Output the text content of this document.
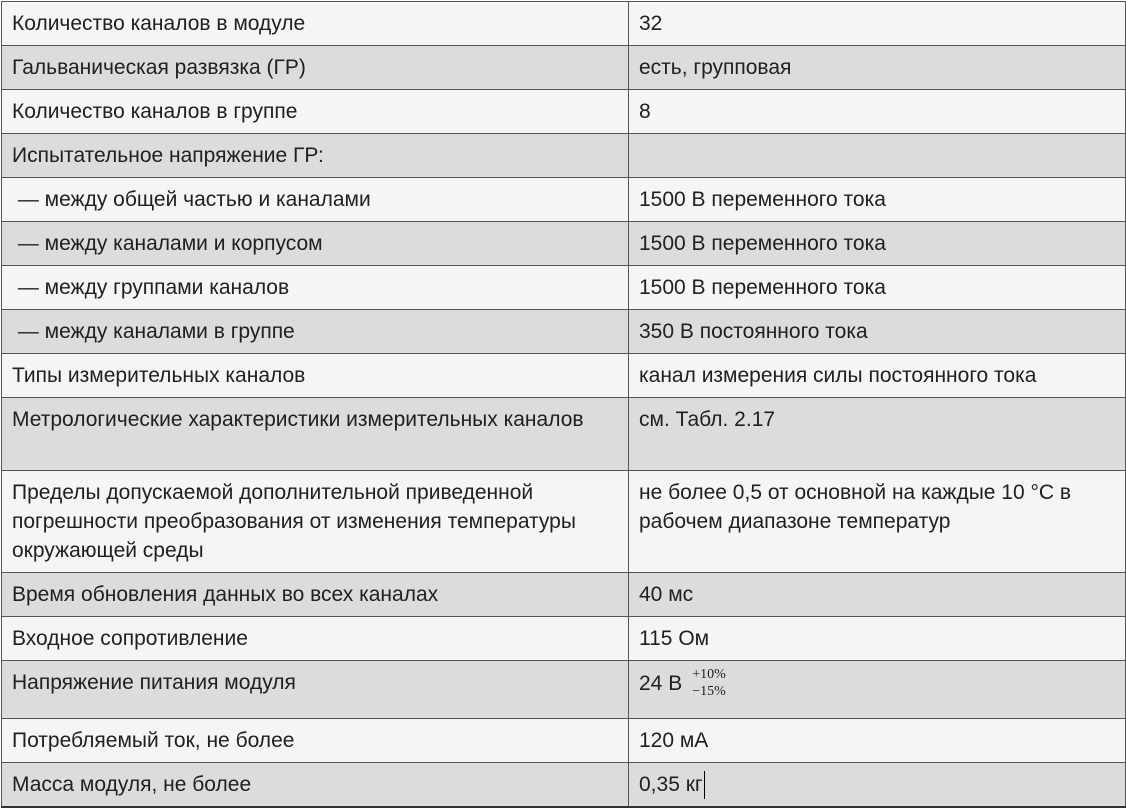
Количество каналов в модуле	32
Гальваническая развязка (ГР)	есть, групповая
Количество каналов в группе	8
Испытательное напряжение ГР:	
— между общей частью и каналами	1500 В переменного тока
— между каналами и корпусом	1500 В переменного тока
— между группами каналов	1500 В переменного тока
— между каналами в группе	350 В постоянного тока
Типы измерительных каналов	канал измерения силы постоянного тока
Метрологические характеристики измерительных каналов	см. Табл. 2.17
Пределы допускаемой дополнительной приведенной погрешности преобразования от изменения температуры окружающей среды	не более 0,5 от основной на каждые 10 °С в рабочем диапазоне температур
Время обновления данных во всех каналах	40 мс
Входное сопротивление	115 Ом
Напряжение питания модуля	24 В +10%
−15%

Потребляемый ток, не более	120 мА
Масса модуля, не более	0,35 кг
